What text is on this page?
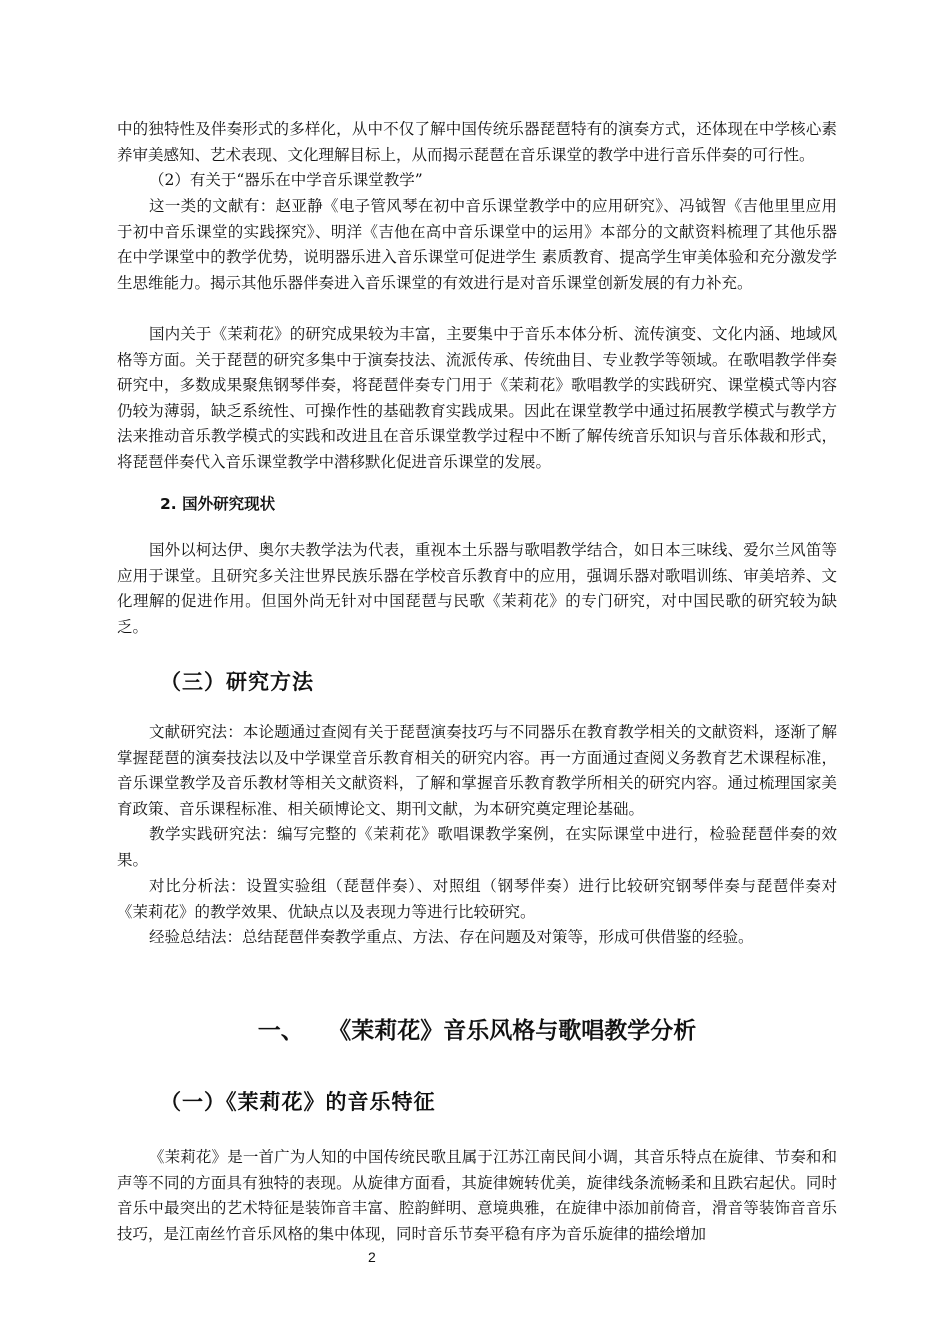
中的独特性及伴奏形式的多样化，从中不仅了解中国传统乐器琵琶特有的演奏方式，还体现在中学核心素养审美感知、艺术表现、文化理解目标上，从而揭示琵琶在音乐课堂的教学中进行音乐伴奏的可行性。

（2）有关于“器乐在中学音乐课堂教学”

这一类的文献有：赵亚静《电子管风琴在初中音乐课堂教学中的应用研究》、冯钺智《吉他里里应用于初中音乐课堂的实践探究》、明洋《吉他在高中音乐课堂中的运用》本部分的文献资料梳理了其他乐器在中学课堂中的教学优势，说明器乐进入音乐课堂可促进学生 素质教育、提高学生审美体验和充分激发学生思维能力。揭示其他乐器伴奏进入音乐课堂的有效进行是对音乐课堂创新发展的有力补充。

国内关于《茉莉花》的研究成果较为丰富，主要集中于音乐本体分析、流传演变、文化内涵、地域风格等方面。关于琵琶的研究多集中于演奏技法、流派传承、传统曲目、专业教学等领域。在歌唱教学伴奏研究中，多数成果聚焦钢琴伴奏，将琵琶伴奏专门用于《茉莉花》歌唱教学的实践研究、课堂模式等内容仍较为薄弱，缺乏系统性、可操作性的基础教育实践成果。因此在课堂教学中通过拓展教学模式与教学方法来推动音乐教学模式的实践和改进且在音乐课堂教学过程中不断了解传统音乐知识与音乐体裁和形式，将琵琶伴奏代入音乐课堂教学中潜移默化促进音乐课堂的发展。

2. 国外研究现状

国外以柯达伊、奥尔夫教学法为代表，重视本土乐器与歌唱教学结合，如日本三味线、爱尔兰风笛等应用于课堂。且研究多关注世界民族乐器在学校音乐教育中的应用，强调乐器对歌唱训练、审美培养、文化理解的促进作用。但国外尚无针对中国琵琶与民歌《茉莉花》的专门研究，对中国民歌的研究较为缺乏。

（三）研究方法

文献研究法：本论题通过查阅有关于琵琶演奏技巧与不同器乐在教育教学相关的文献资料，逐渐了解掌握琵琶的演奏技法以及中学课堂音乐教育相关的研究内容。再一方面通过查阅义务教育艺术课程标准，音乐课堂教学及音乐教材等相关文献资料，了解和掌握音乐教育教学所相关的研究内容。通过梳理国家美育政策、音乐课程标准、相关硕博论文、期刊文献，为本研究奠定理论基础。

教学实践研究法：编写完整的《茉莉花》歌唱课教学案例，在实际课堂中进行，检验琵琶伴奏的效果。

对比分析法：设置实验组（琵琶伴奏）、对照组（钢琴伴奏）进行比较研究钢琴伴奏与琵琶伴奏对《茉莉花》的教学效果、优缺点以及表现力等进行比较研究。

经验总结法：总结琵琶伴奏教学重点、方法、存在问题及对策等，形成可供借鉴的经验。

一、 《茉莉花》音乐风格与歌唱教学分析
（一）《茉莉花》的音乐特征

《茉莉花》是一首广为人知的中国传统民歌且属于江苏江南民间小调，其音乐特点在旋律、节奏和和声等不同的方面具有独特的表现。从旋律方面看，其旋律婉转优美，旋律线条流畅柔和且跌宕起伏。同时音乐中最突出的艺术特征是装饰音丰富、腔韵鲜明、意境典雅，在旋律中添加前倚音，滑音等装饰音音乐技巧，是江南丝竹音乐风格的集中体现，同时音乐节奏平稳有序为音乐旋律的描绘增加

2
